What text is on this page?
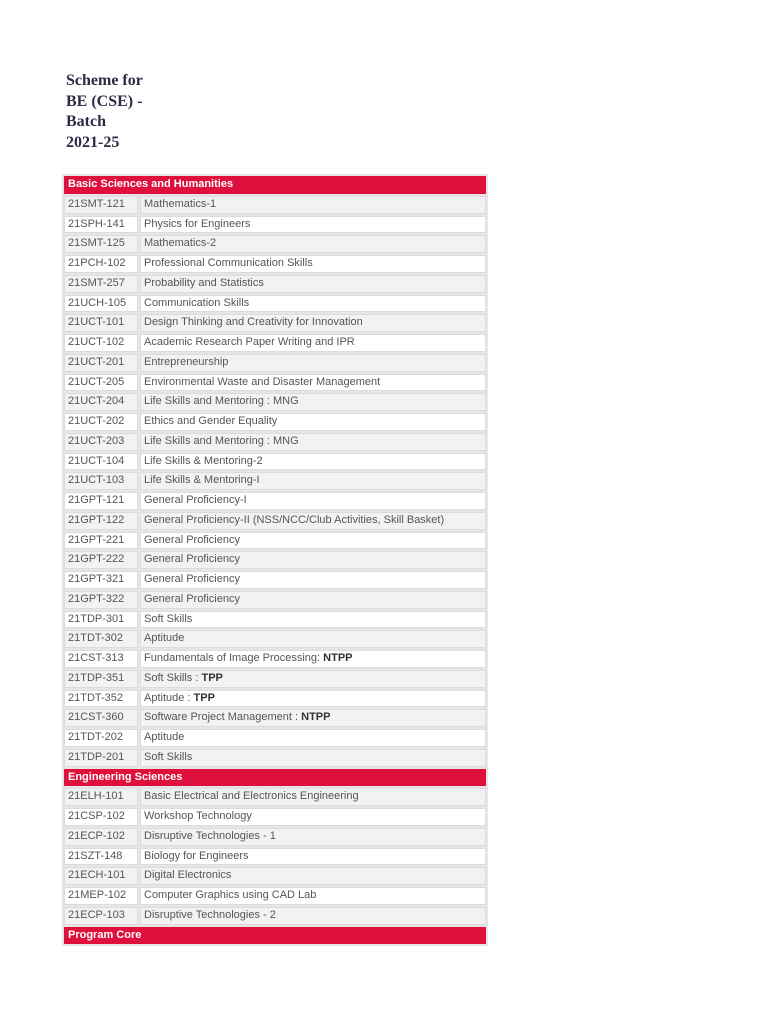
Scheme for BE (CSE) - Batch 2021-25
Basic Sciences and Humanities	
21SMT-121	Mathematics-1
21SPH-141	Physics for Engineers
21SMT-125	Mathematics-2
21PCH-102	Professional Communication Skills
21SMT-257	Probability and Statistics
21UCH-105	Communication Skills
21UCT-101	Design Thinking and Creativity for Innovation
21UCT-102	Academic Research Paper Writing and IPR
21UCT-201	Entrepreneurship
21UCT-205	Environmental Waste and Disaster Management
21UCT-204	Life Skills and Mentoring : MNG
21UCT-202	Ethics and Gender Equality
21UCT-203	Life Skills and Mentoring : MNG
21UCT-104	Life Skills & Mentoring-2
21UCT-103	Life Skills & Mentoring-I
21GPT-121	General Proficiency-I
21GPT-122	General Proficiency-II (NSS/NCC/Club Activities, Skill Basket)
21GPT-221	General Proficiency
21GPT-222	General Proficiency
21GPT-321	General Proficiency
21GPT-322	General Proficiency
21TDP-301	Soft Skills
21TDT-302	Aptitude
21CST-313	Fundamentals of Image Processing: NTPP
21TDP-351	Soft Skills : TPP
21TDT-352	Aptitude : TPP
21CST-360	Software Project Management : NTPP
21TDT-202	Aptitude
21TDP-201	Soft Skills
Engineering Sciences	
21ELH-101	Basic Electrical and Electronics Engineering
21CSP-102	Workshop Technology
21ECP-102	Disruptive Technologies - 1
21SZT-148	Biology for Engineers
21ECH-101	Digital Electronics
21MEP-102	Computer Graphics using CAD Lab
21ECP-103	Disruptive Technologies - 2
Program Core	
